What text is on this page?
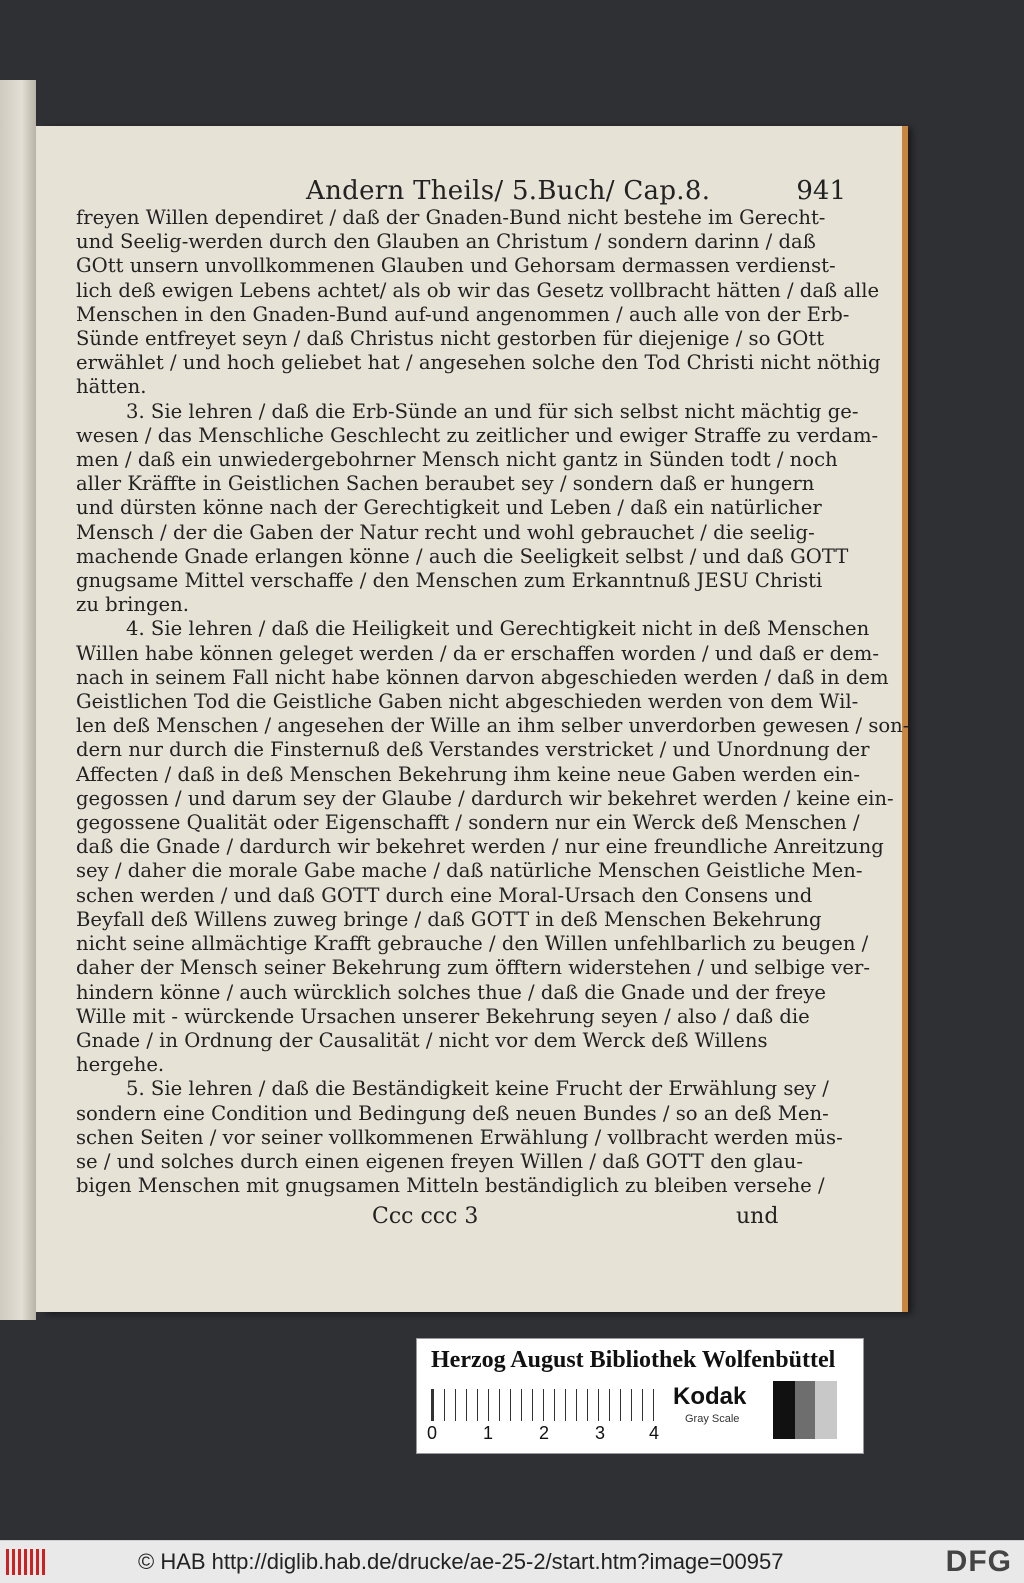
Andern Theils/ 5.Buch/ Cap.8.	941
freyen Willen dependiret / daß der Gnaden-Bund nicht bestehe im Gerecht-
und Seelig-werden durch den Glauben an Christum / sondern darinn / daß
GOtt unsern unvollkommenen Glauben und Gehorsam dermassen verdienst-
lich deß ewigen Lebens achtet/ als ob wir das Gesetz vollbracht hätten / daß alle
Menschen in den Gnaden-Bund auf-und angenommen / auch alle von der Erb-
Sünde entfreyet seyn / daß Christus nicht gestorben für diejenige / so GOtt
erwählet / und hoch geliebet hat / angesehen solche den Tod Christi nicht nöthig
hätten.
3. Sie lehren / daß die Erb-Sünde an und für sich selbst nicht mächtig ge-
wesen / das Menschliche Geschlecht zu zeitlicher und ewiger Straffe zu verdam-
men / daß ein unwiedergebohrner Mensch nicht gantz in Sünden todt / noch
aller Kräffte in Geistlichen Sachen beraubet sey / sondern daß er hungern
und dürsten könne nach der Gerechtigkeit und Leben / daß ein natürlicher
Mensch / der die Gaben der Natur recht und wohl gebrauchet / die seelig-
machende Gnade erlangen könne / auch die Seeligkeit selbst / und daß GOTT
gnugsame Mittel verschaffe / den Menschen zum Erkanntnuß JESU Christi
zu bringen.
4. Sie lehren / daß die Heiligkeit und Gerechtigkeit nicht in deß Menschen
Willen habe können geleget werden / da er erschaffen worden / und daß er dem-
nach in seinem Fall nicht habe können darvon abgeschieden werden / daß in dem
Geistlichen Tod die Geistliche Gaben nicht abgeschieden werden von dem Wil-
len deß Menschen / angesehen der Wille an ihm selber unverdorben gewesen / son-
dern nur durch die Finsternuß deß Verstandes verstricket / und Unordnung der
Affecten / daß in deß Menschen Bekehrung ihm keine neue Gaben werden ein-
gegossen / und darum sey der Glaube / dardurch wir bekehret werden / keine ein-
gegossene Qualität oder Eigenschafft / sondern nur ein Werck deß Menschen /
daß die Gnade / dardurch wir bekehret werden / nur eine freundliche Anreitzung
sey / daher die morale Gabe mache / daß natürliche Menschen Geistliche Men-
schen werden / und daß GOTT durch eine Moral-Ursach den Consens und
Beyfall deß Willens zuweg bringe / daß GOTT in deß Menschen Bekehrung
nicht seine allmächtige Krafft gebrauche / den Willen unfehlbarlich zu beugen /
daher der Mensch seiner Bekehrung zum öfftern widerstehen / und selbige ver-
hindern könne / auch würcklich solches thue / daß die Gnade und der freye
Wille mit - würckende Ursachen unserer Bekehrung seyen / also / daß die
Gnade / in Ordnung der Causalität / nicht vor dem Werck deß Willens
hergehe.
5. Sie lehren / daß die Beständigkeit keine Frucht der Erwählung sey /
sondern eine Condition und Bedingung deß neuen Bundes / so an deß Men-
schen Seiten / vor seiner vollkommenen Erwählung / vollbracht werden müs-
se / und solches durch einen eigenen freyen Willen / daß GOTT den glau-
bigen Menschen mit gnugsamen Mitteln beständiglich zu bleiben versehe /
Ccc ccc 3	und
Herzog August Bibliothek Wolfenbüttel
0	1	2	3 4
Kodak
Gray Scale
© HAB http://diglib.hab.de/drucke/ae-25-2/start.htm?image=00957	DFG
